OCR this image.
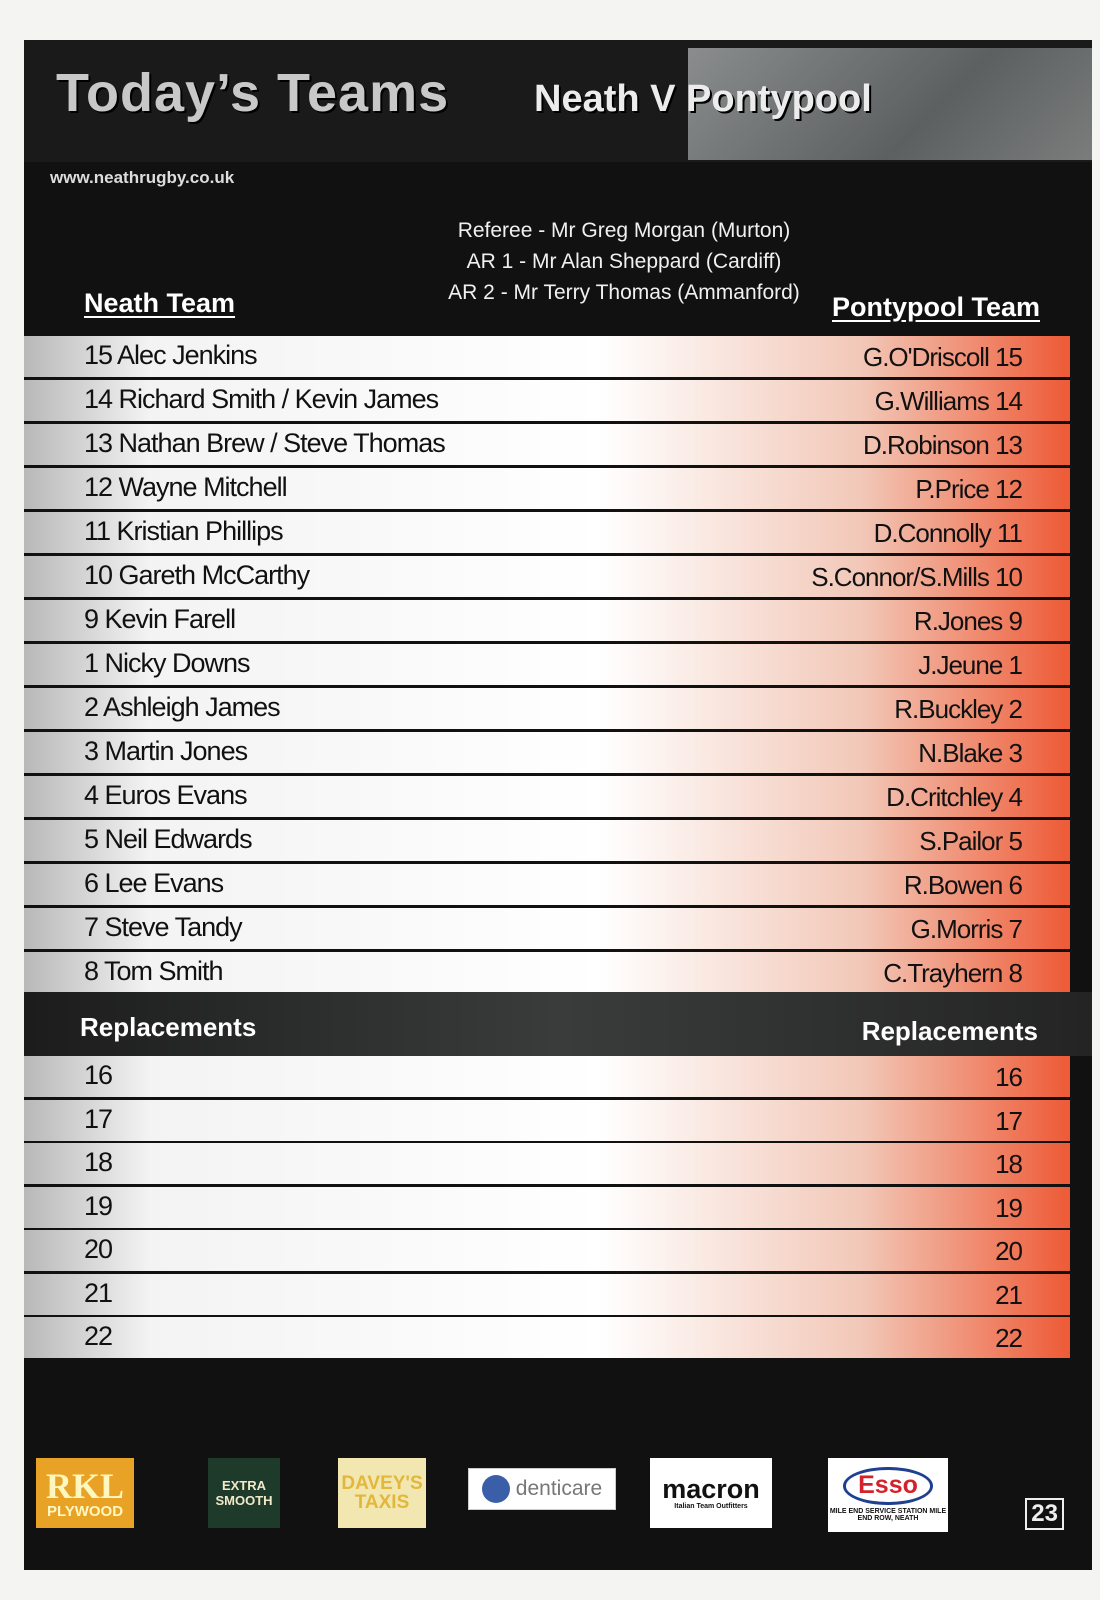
Today’s Teams Neath V Pontypool
www.neathrugby.co.uk
Referee - Mr Greg Morgan (Murton)
AR 1 - Mr Alan Sheppard (Cardiff)
AR 2 - Mr Terry Thomas (Ammanford)
Neath Team	Pontypool Team
15 Alec Jenkins	G.O'Driscoll 15
14 Richard Smith / Kevin James	G.Williams 14
13 Nathan Brew / Steve Thomas	D.Robinson 13
12 Wayne Mitchell	P.Price 12
11 Kristian Phillips	D.Connolly 11
10 Gareth McCarthy	S.Connor/S.Mills 10
9 Kevin Farell	R.Jones 9
1 Nicky Downs	J.Jeune 1
2 Ashleigh James	R.Buckley 2
3 Martin Jones	N.Blake 3
4 Euros Evans	D.Critchley 4
5 Neil Edwards	S.Pailor 5
6 Lee Evans	R.Bowen 6
7 Steve Tandy	G.Morris 7
8 Tom Smith	C.Trayhern 8
Replacements	Replacements
16	16
17	17
18	18
19	19
20	20
21	21
22	22
RKL
PLYWOOD
EXTRA SMOOTH
DAVEY'S TAXIS
denticare macron
Italian Team Outfitters
Esso
MILE END SERVICE STATION MILE END ROW, NEATH	23
